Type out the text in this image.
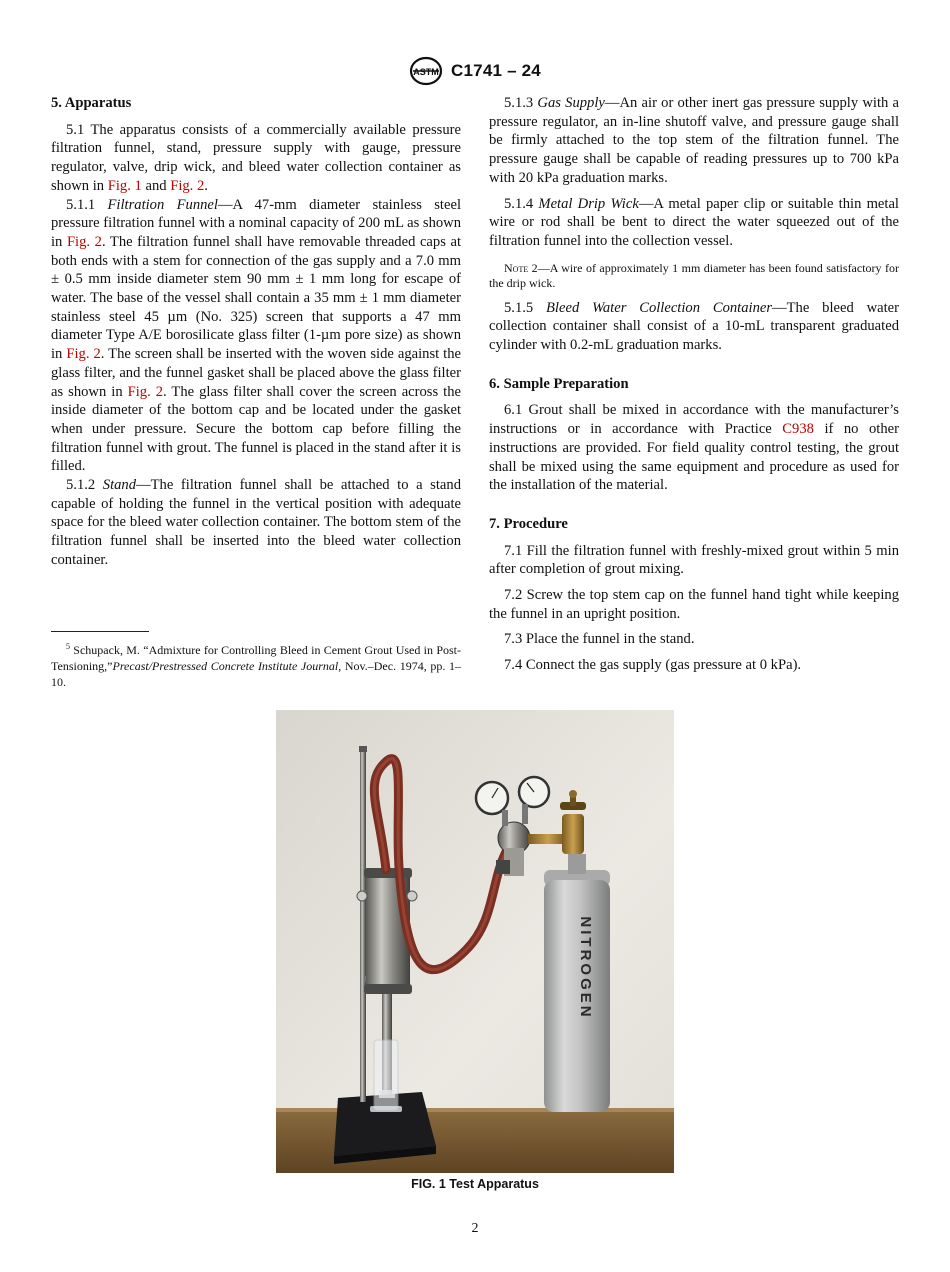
ASTM C1741 – 24
5. Apparatus

5.1 The apparatus consists of a commercially available pressure filtration funnel, stand, pressure supply with gauge, pressure regulator, valve, drip wick, and bleed water collection container as shown in Fig. 1 and Fig. 2.

5.1.1 Filtration Funnel—A 47-mm diameter stainless steel pressure filtration funnel with a nominal capacity of 200 mL as shown in Fig. 2. The filtration funnel shall have removable threaded caps at both ends with a stem for connection of the gas supply and a 7.0 mm ± 0.5 mm inside diameter stem 90 mm ± 1 mm long for escape of water. The base of the vessel shall contain a 35 mm ± 1 mm diameter stainless steel 45 µm (No. 325) screen that supports a 47 mm diameter Type A/E borosilicate glass filter (1-µm pore size) as shown in Fig. 2. The screen shall be inserted with the woven side against the glass filter, and the funnel gasket shall be placed above the glass filter as shown in Fig. 2. The glass filter shall cover the screen across the inside diameter of the bottom cap and be located under the gasket when under pressure. Secure the bottom cap before filling the filtration funnel with grout. The funnel is placed in the stand after it is filled.

5.1.2 Stand—The filtration funnel shall be attached to a stand capable of holding the funnel in the vertical position with adequate space for the bleed water collection container. The bottom stem of the filtration funnel shall be inserted into the bleed water collection container.

$^5$ Schupack, M. “Admixture for Controlling Bleed in Cement Grout Used in Post-Tensioning,”Precast/Prestressed Concrete Institute Journal, Nov.–Dec. 1974, pp. 1–10.

5.1.3 Gas Supply—An air or other inert gas pressure supply with a pressure regulator, an in-line shutoff valve, and pressure gauge shall be firmly attached to the top stem of the filtration funnel. The pressure gauge shall be capable of reading pressures up to 700 kPa with 20 kPa graduation marks.

5.1.4 Metal Drip Wick—A metal paper clip or suitable thin metal wire or rod shall be bent to direct the water squeezed out of the filtration funnel into the collection vessel.

Note 2—A wire of approximately 1 mm diameter has been found satisfactory for the drip wick.

5.1.5 Bleed Water Collection Container—The bleed water collection container shall consist of a 10-mL transparent graduated cylinder with 0.2-mL graduation marks.

6. Sample Preparation

6.1 Grout shall be mixed in accordance with the manufacturer’s instructions or in accordance with Practice C938 if no other instructions are provided. For field quality control testing, the grout shall be mixed using the same equipment and procedure as used for the installation of the material.

7. Procedure

7.1 Fill the filtration funnel with freshly-mixed grout within 5 min after completion of grout mixing.

7.2 Screw the top stem cap on the funnel hand tight while keeping the funnel in an upright position.

7.3 Place the funnel in the stand.

7.4 Connect the gas supply (gas pressure at 0 kPa).

NITROGEN
FIG. 1 Test Apparatus
2
